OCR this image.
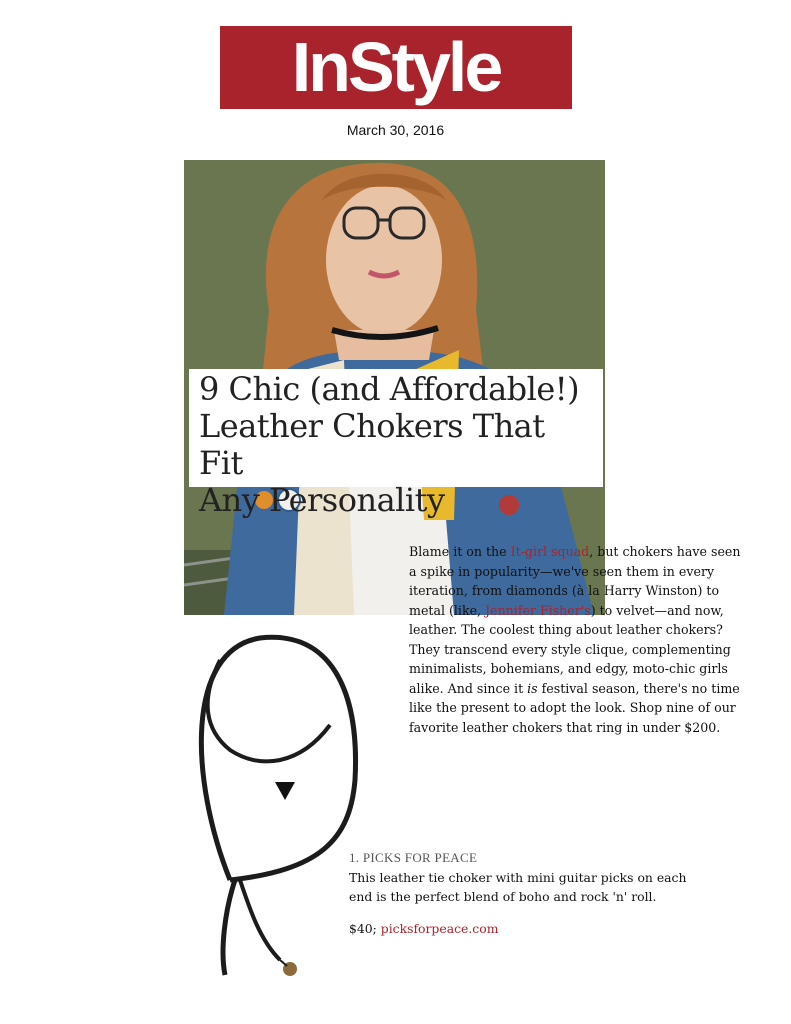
InStyle
March 30, 2016
9 Chic (and Affordable!)
Leather Chokers That Fit
Any Personality
Blame it on the It-girl squad, but chokers have seen a spike in popularity—we've seen them in every iteration, from diamonds (à la Harry Winston) to metal (like, Jennifer Fisher's) to velvet—and now, leather. The coolest thing about leather chokers? They transcend every style clique, complementing minimalists, bohemians, and edgy, moto-chic girls alike. And since it is festival season, there's no time like the present to adopt the look. Shop nine of our favorite leather chokers that ring in under $200.
1. PICKS FOR PEACE
This leather tie choker with mini guitar picks on each end is the perfect blend of boho and rock 'n' roll.
$40; picksforpeace.com
